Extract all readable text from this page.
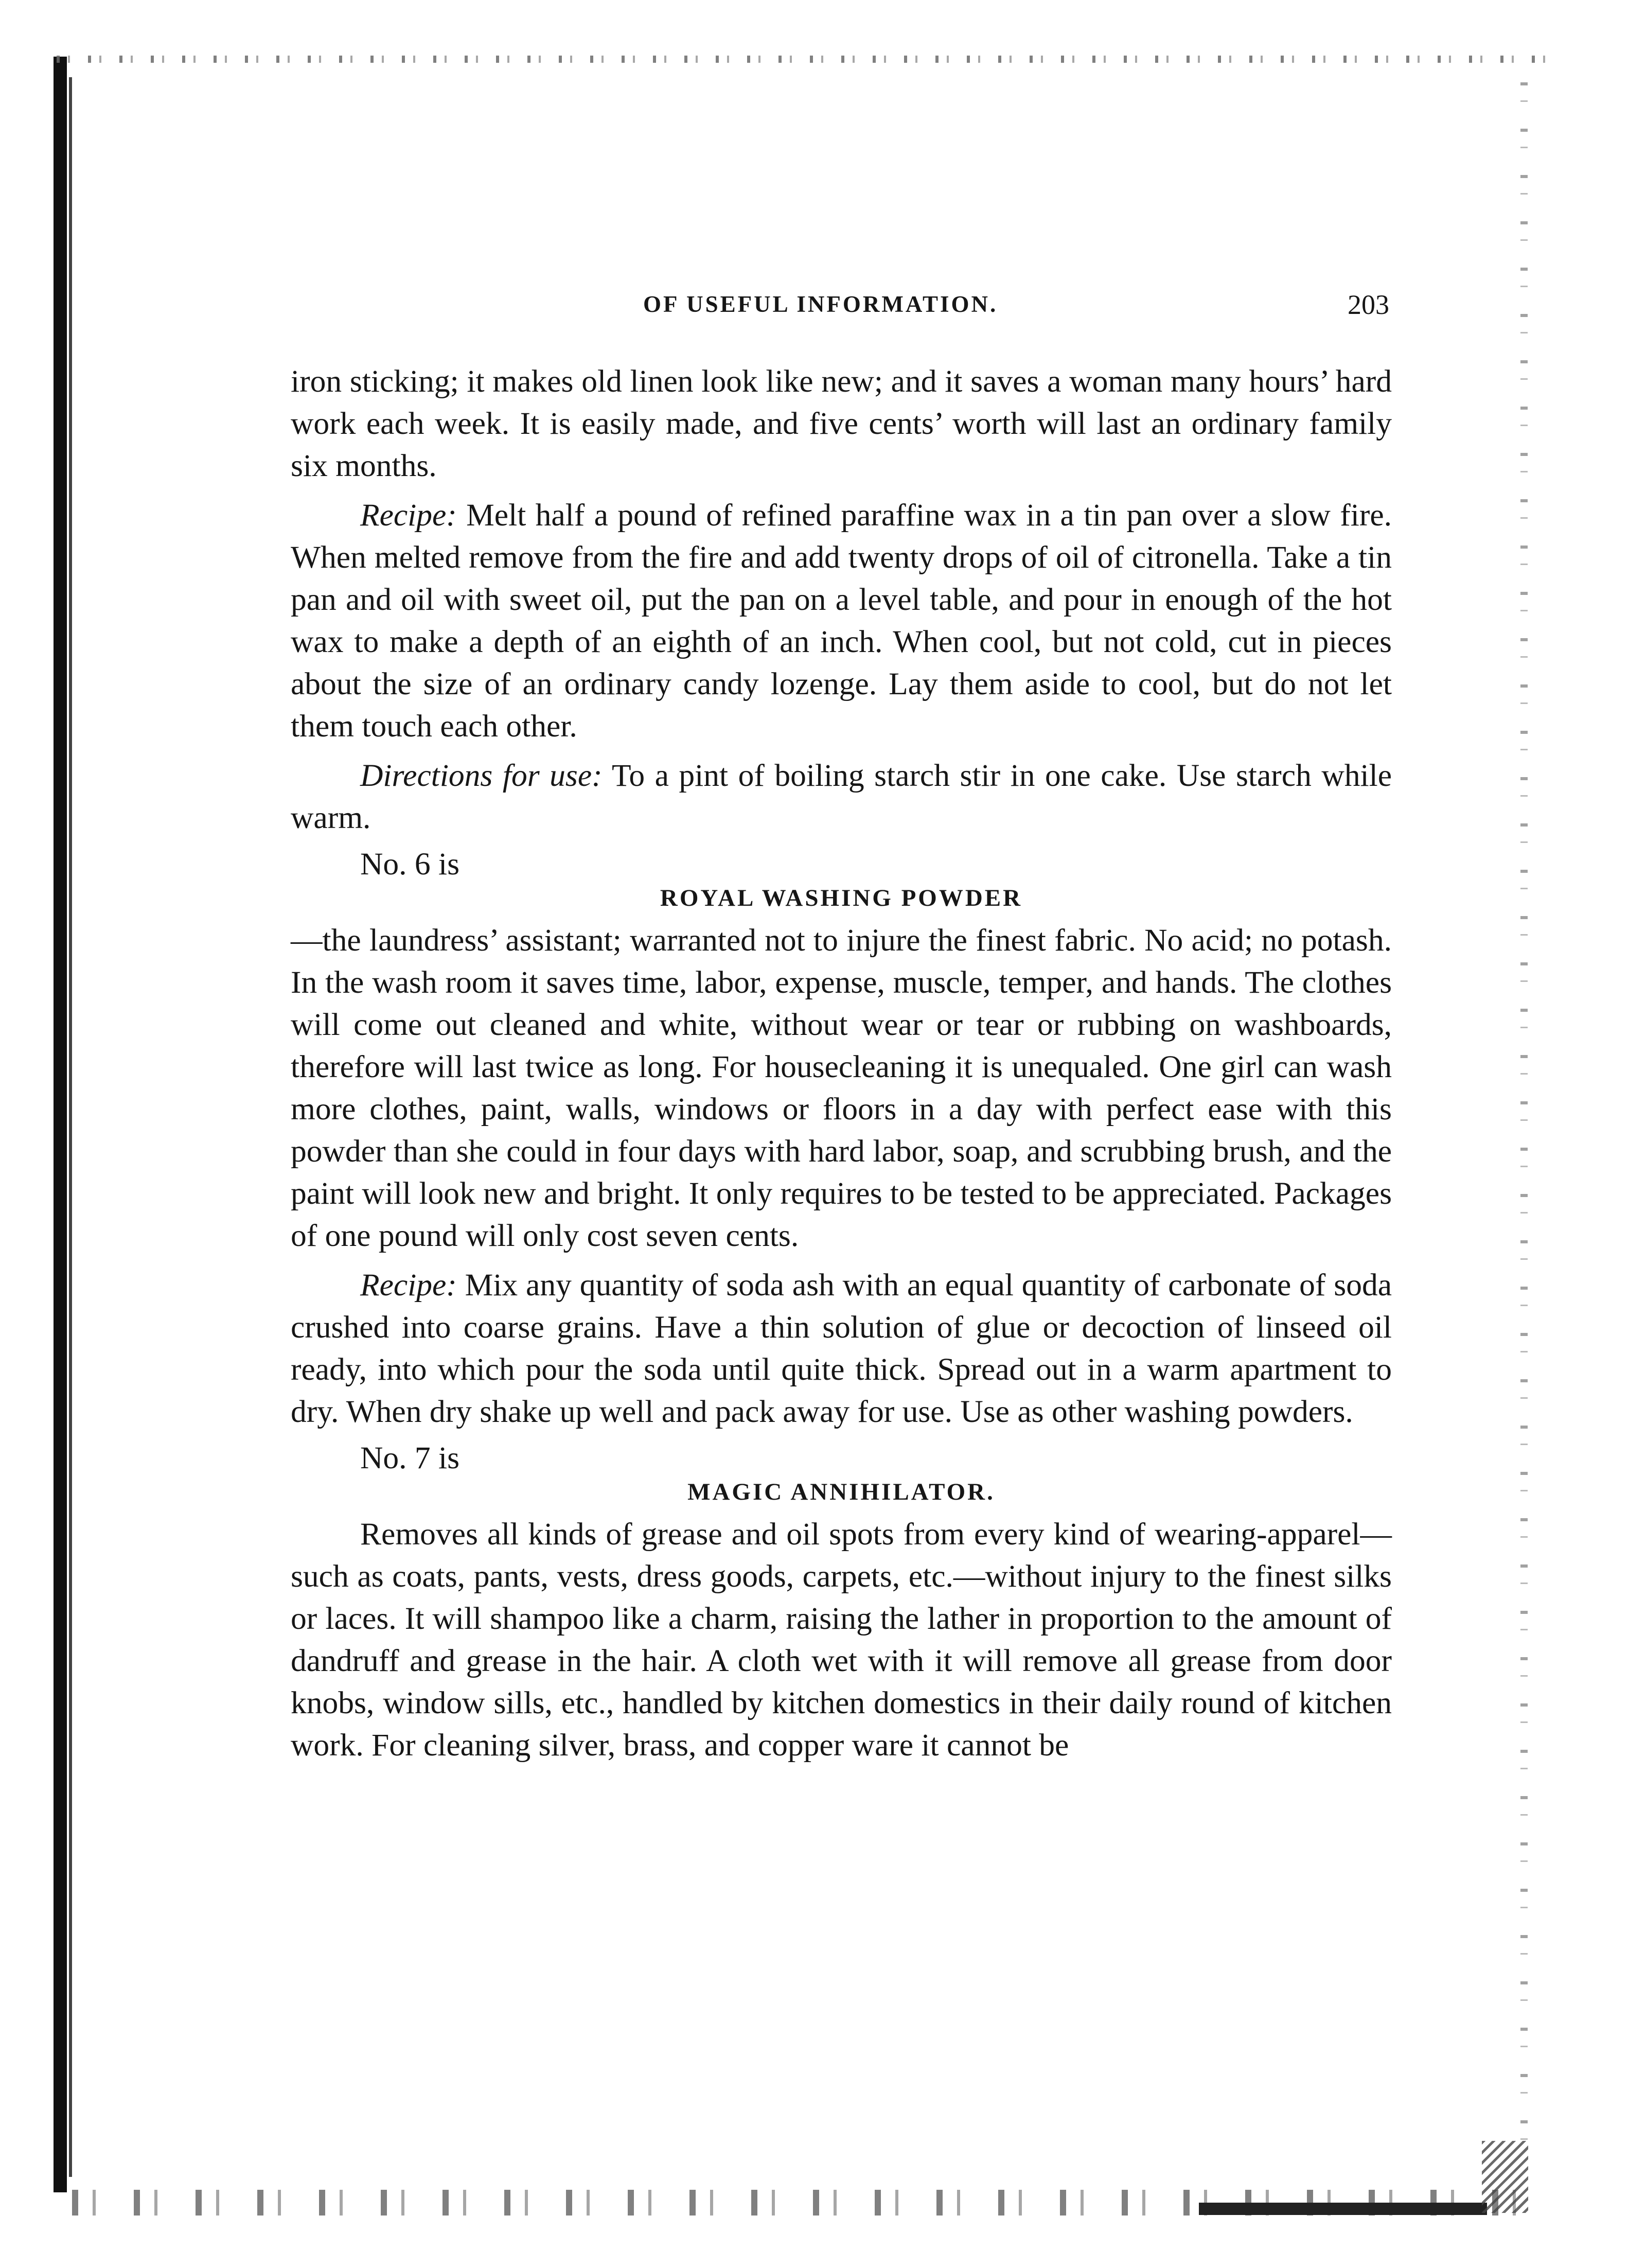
OF USEFUL INFORMATION.	203

iron sticking; it makes old linen look like new; and it saves a woman many hours’ hard work each week. It is easily made, and five cents’ worth will last an ordinary family six months.

Recipe: Melt half a pound of refined paraffine wax in a tin pan over a slow fire. When melted remove from the fire and add twenty drops of oil of citronella. Take a tin pan and oil with sweet oil, put the pan on a level table, and pour in enough of the hot wax to make a depth of an eighth of an inch. When cool, but not cold, cut in pieces about the size of an ordinary candy lozenge. Lay them aside to cool, but do not let them touch each other.

Directions for use: To a pint of boiling starch stir in one cake. Use starch while warm.

No. 6 is

ROYAL WASHING POWDER

—the laundress’ assistant; warranted not to injure the finest fabric. No acid; no potash. In the wash room it saves time, labor, expense, muscle, temper, and hands. The clothes will come out cleaned and white, without wear or tear or rubbing on washboards, therefore will last twice as long. For housecleaning it is unequaled. One girl can wash more clothes, paint, walls, windows or floors in a day with perfect ease with this powder than she could in four days with hard labor, soap, and scrubbing brush, and the paint will look new and bright. It only requires to be tested to be appreciated. Packages of one pound will only cost seven cents.

Recipe: Mix any quantity of soda ash with an equal quantity of carbonate of soda crushed into coarse grains. Have a thin solution of glue or decoction of linseed oil ready, into which pour the soda until quite thick. Spread out in a warm apartment to dry. When dry shake up well and pack away for use. Use as other washing powders.

No. 7 is

MAGIC ANNIHILATOR.

Removes all kinds of grease and oil spots from every kind of wearing-apparel—such as coats, pants, vests, dress goods, carpets, etc.—without injury to the finest silks or laces. It will shampoo like a charm, raising the lather in proportion to the amount of dandruff and grease in the hair. A cloth wet with it will remove all grease from door knobs, window sills, etc., handled by kitchen domestics in their daily round of kitchen work. For cleaning silver, brass, and copper ware it cannot be
